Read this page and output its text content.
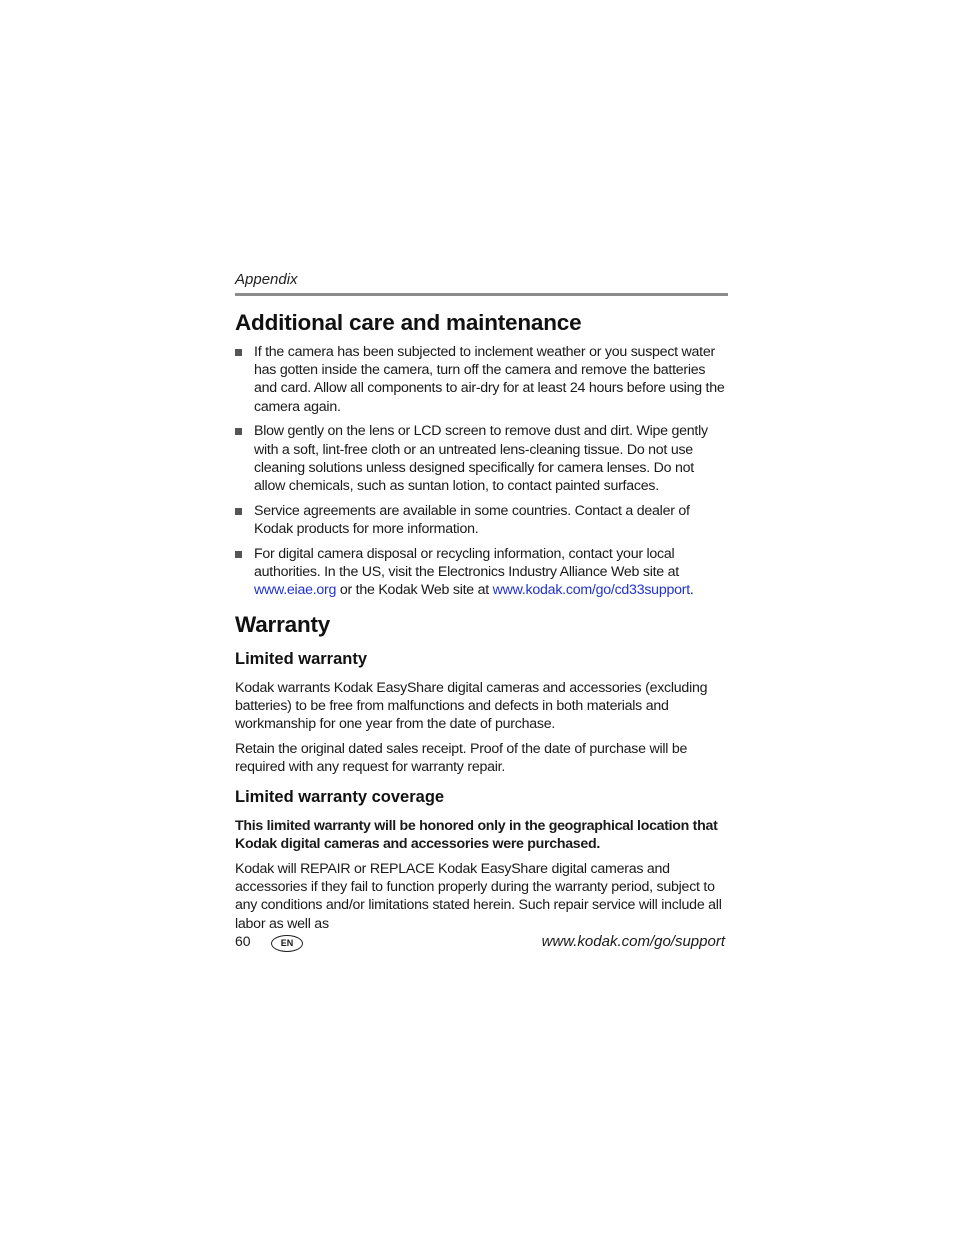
Appendix
Additional care and maintenance
If the camera has been subjected to inclement weather or you suspect water has gotten inside the camera, turn off the camera and remove the batteries and card. Allow all components to air-dry for at least 24 hours before using the camera again.
Blow gently on the lens or LCD screen to remove dust and dirt. Wipe gently with a soft, lint-free cloth or an untreated lens-cleaning tissue. Do not use cleaning solutions unless designed specifically for camera lenses. Do not allow chemicals, such as suntan lotion, to contact painted surfaces.
Service agreements are available in some countries. Contact a dealer of Kodak products for more information.
For digital camera disposal or recycling information, contact your local authorities. In the US, visit the Electronics Industry Alliance Web site at www.eiae.org or the Kodak Web site at www.kodak.com/go/cd33support.
Warranty
Limited warranty

Kodak warrants Kodak EasyShare digital cameras and accessories (excluding batteries) to be free from malfunctions and defects in both materials and workmanship for one year from the date of purchase.

Retain the original dated sales receipt. Proof of the date of purchase will be required with any request for warranty repair.

Limited warranty coverage

This limited warranty will be honored only in the geographical location that Kodak digital cameras and accessories were purchased.

Kodak will REPAIR or REPLACE Kodak EasyShare digital cameras and accessories if they fail to function properly during the warranty period, subject to any conditions and/or limitations stated herein. Such repair service will include all labor as well as

60	EN	www.kodak.com/go/support
